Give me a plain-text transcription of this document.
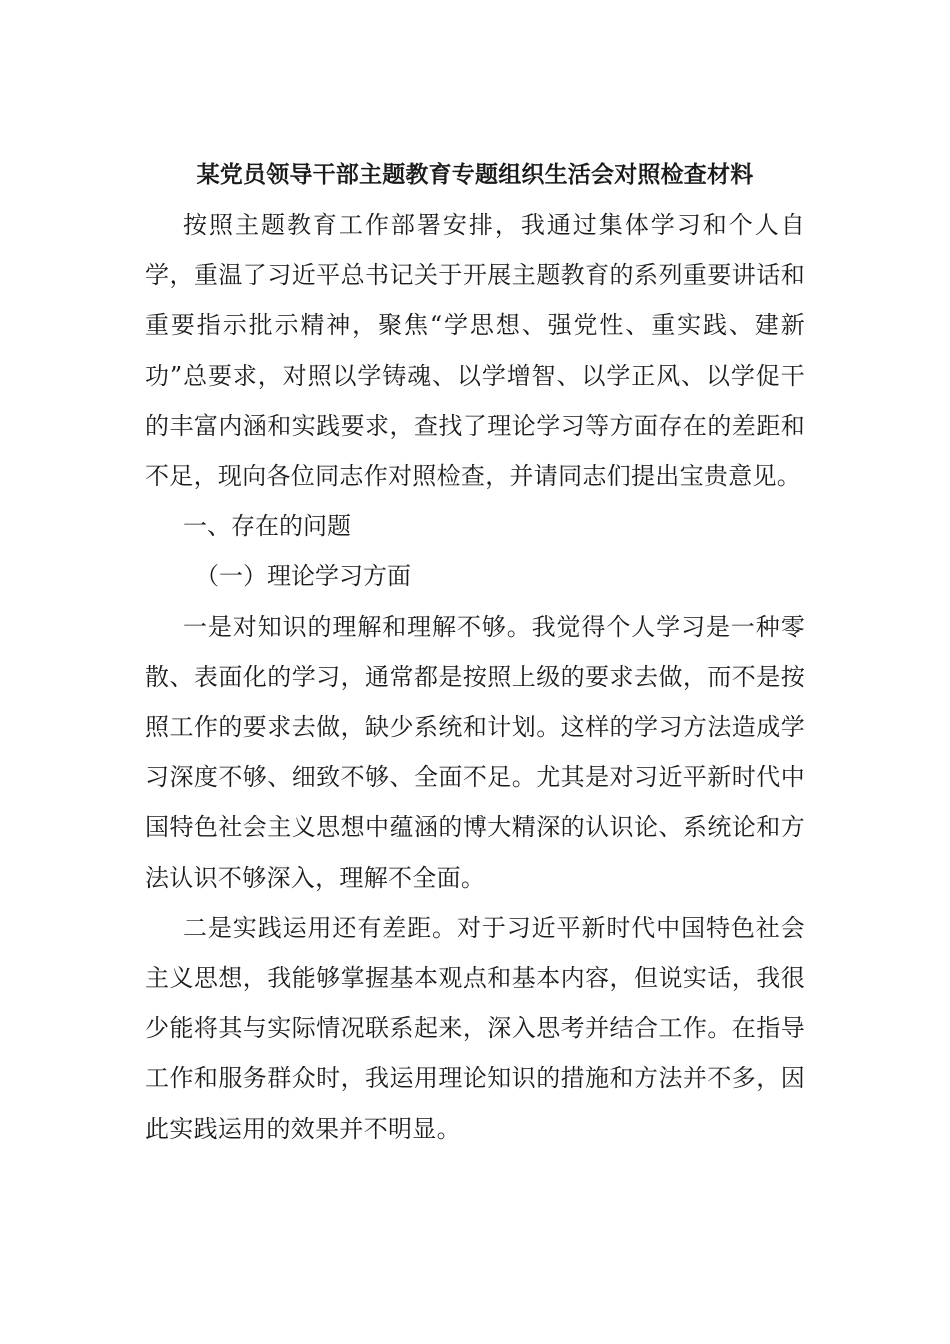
某党员领导干部主题教育专题组织生活会对照检查材料

按照主题教育工作部署安排，我通过集体学习和个人自学，重温了习近平总书记关于开展主题教育的系列重要讲话和重要指示批示精神，聚焦“学思想、强党性、重实践、建新功”总要求，对照以学铸魂、以学增智、以学正风、以学促干的丰富内涵和实践要求，查找了理论学习等方面存在的差距和不足，现向各位同志作对照检查，并请同志们提出宝贵意见。

一、存在的问题

（一）理论学习方面

一是对知识的理解和理解不够。我觉得个人学习是一种零散、表面化的学习，通常都是按照上级的要求去做，而不是按照工作的要求去做，缺少系统和计划。这样的学习方法造成学习深度不够、细致不够、全面不足。尤其是对习近平新时代中国特色社会主义思想中蕴涵的博大精深的认识论、系统论和方法认识不够深入，理解不全面。

二是实践运用还有差距。对于习近平新时代中国特色社会主义思想，我能够掌握基本观点和基本内容，但说实话，我很少能将其与实际情况联系起来，深入思考并结合工作。在指导工作和服务群众时，我运用理论知识的措施和方法并不多，因此实践运用的效果并不明显。
